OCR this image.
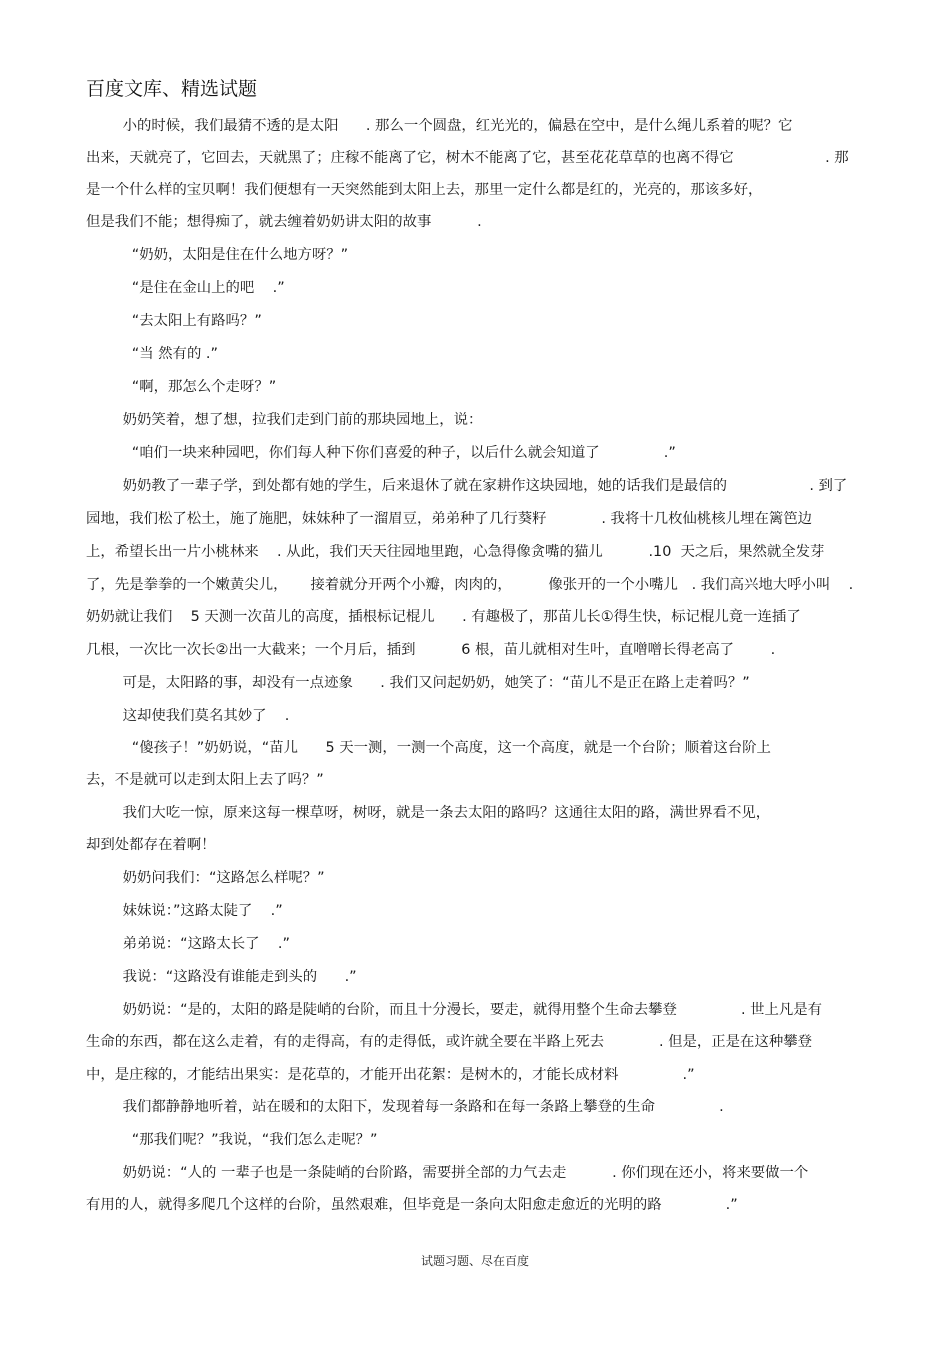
百度文库、精选试题
小的时候，我们最猜不透的是太阳      . 那么一个圆盘，红光光的，偏悬在空中，是什么绳儿系着的呢？它
出来，天就亮了，它回去，天就黑了；庄稼不能离了它，树木不能离了它，甚至花花草草的也离不得它                    . 那
是一个什么样的宝贝啊！我们便想有一天突然能到太阳上去，那里一定什么都是红的，光亮的，那该多好，
但是我们不能；想得痴了，就去缠着奶奶讲太阳的故事          .
“奶奶，太阳是住在什么地方呀？”
“是住在金山上的吧    .”
“去太阳上有路吗？”
“当 然有的 .”
“啊，那怎么个走呀？”
奶奶笑着，想了想，拉我们走到门前的那块园地上，说：
“咱们一块来种园吧，你们每人种下你们喜爱的种子，以后什么就会知道了              .”
奶奶教了一辈子学，到处都有她的学生，后来退休了就在家耕作这块园地，她的话我们是最信的                  . 到了
园地，我们松了松土，施了施肥，妹妹种了一溜眉豆，弟弟种了几行葵籽            . 我将十几枚仙桃核儿埋在篱笆边
上，希望长出一片小桃林来    . 从此，我们天天往园地里跑，心急得像贪嘴的猫儿          .10  天之后，果然就全发芽
了，先是拳拳的一个嫩黄尖儿，     接着就分开两个小瓣，肉肉的，        像张开的一个小嘴儿   . 我们高兴地大呼小叫    .
奶奶就让我们    5 天测一次苗儿的高度，插根标记棍儿      . 有趣极了，那苗儿长①得生快，标记棍儿竟一连插了
几根，一次比一次长②出一大截来；一个月后，插到          6 根，苗儿就相对生叶，直噌噌长得老高了        .
可是，太阳路的事，却没有一点迹象      . 我们又问起奶奶，她笑了：“苗儿不是正在路上走着吗？”
这却使我们莫名其妙了    .
“傻孩子！”奶奶说，“苗儿      5 天一测，一测一个高度，这一个高度，就是一个台阶；顺着这台阶上
去，不是就可以走到太阳上去了吗？”
我们大吃一惊，原来这每一棵草呀，树呀，就是一条去太阳的路吗？这通往太阳的路，满世界看不见，
却到处都存在着啊！
奶奶问我们：“这路怎么样呢？”
妹妹说：”这路太陡了    .”
弟弟说：“这路太长了    .”
我说：“这路没有谁能走到头的      .”
奶奶说：“是的，太阳的路是陡峭的台阶，而且十分漫长，要走，就得用整个生命去攀登              . 世上凡是有
生命的东西，都在这么走着，有的走得高，有的走得低，或许就全要在半路上死去            . 但是，正是在这种攀登
中，是庄稼的，才能结出果实：是花草的，才能开出花絮：是树木的，才能长成材料              .”
我们都静静地听着，站在暖和的太阳下，发现着每一条路和在每一条路上攀登的生命              .
“那我们呢？”我说，“我们怎么走呢？”
奶奶说：“人的 一辈子也是一条陡峭的台阶路，需要拼全部的力气去走          . 你们现在还小，将来要做一个
有用的人，就得多爬几个这样的台阶，虽然艰难，但毕竟是一条向太阳愈走愈近的光明的路              .”
试题习题、尽在百度
